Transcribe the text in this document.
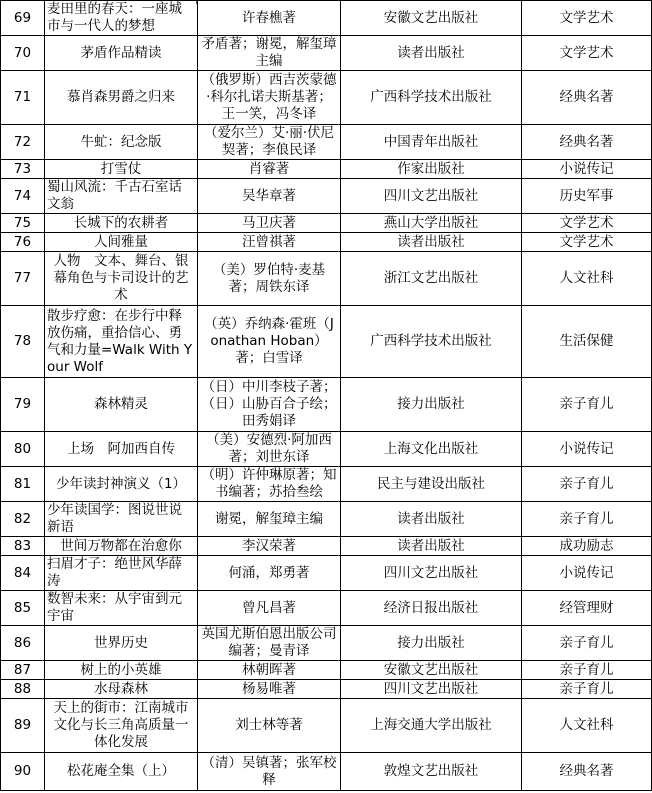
69	麦田里的春天：一座城市与一代人的梦想	许春樵著	安徽文艺出版社	文学艺术
70	茅盾作品精读	矛盾著；谢冕，解玺璋主编	读者出版社	文学艺术
71	慕肖森男爵之归来	（俄罗斯）西吉茨蒙德·科尔扎诺夫斯基著；王一笑，冯冬译	广西科学技术出版社	经典名著
72	牛虻：纪念版	（爱尔兰）艾·丽·伏尼契著；李俍民译	中国青年出版社	经典名著
73	打雪仗	肖睿著	作家出版社	小说传记
74	蜀山风流：千古石室话文翁	吴华章著	四川文艺出版社	历史军事
75	长城下的农耕者	马卫庆著	燕山大学出版社	文学艺术
76	人间雅量	汪曾祺著	读者出版社	文学艺术
77	人物　文本、舞台、银幕角色与卡司设计的艺术	（美）罗伯特·麦基著；周铁东译	浙江文艺出版社	人文社科
78	散步疗愈：在步行中释放伤痛，重拾信心、勇气和力量=Walk With Your Wolf	（英）乔纳森·霍班（Jonathan Hoban）著；白雪译	广西科学技术出版社	生活保健
79	森林精灵	（日）中川李枝子著；（日）山胁百合子绘；田秀娟译	接力出版社	亲子育儿
80	上场　阿加西自传	（美）安德烈·阿加西著；刘世东译	上海文化出版社	小说传记
81	少年读封神演义（1）	（明）许仲琳原著；知书编著；苏拾叁绘	民主与建设出版社	亲子育儿
82	少年读国学：图说世说新语	谢冕，解玺璋主编	读者出版社	亲子育儿
83	世间万物都在治愈你	李汉荣著	读者出版社	成功励志
84	扫眉才子：绝世风华薛涛	何涌，郑勇著	四川文艺出版社	小说传记
85	数智未来：从宇宙到元宇宙	曾凡昌著	经济日报出版社	经管理财
86	世界历史	英国尤斯伯恩出版公司编著；曼青译	接力出版社	亲子育儿
87	树上的小英雄	林朝晖著	安徽文艺出版社	亲子育儿
88	水母森林	杨易唯著	四川文艺出版社	亲子育儿
89	天上的街市：江南城市文化与长三角高质量一体化发展	刘士林等著	上海交通大学出版社	人文社科
90	松花庵全集（上）	（清）吴镇著；张军校释	敦煌文艺出版社	经典名著
